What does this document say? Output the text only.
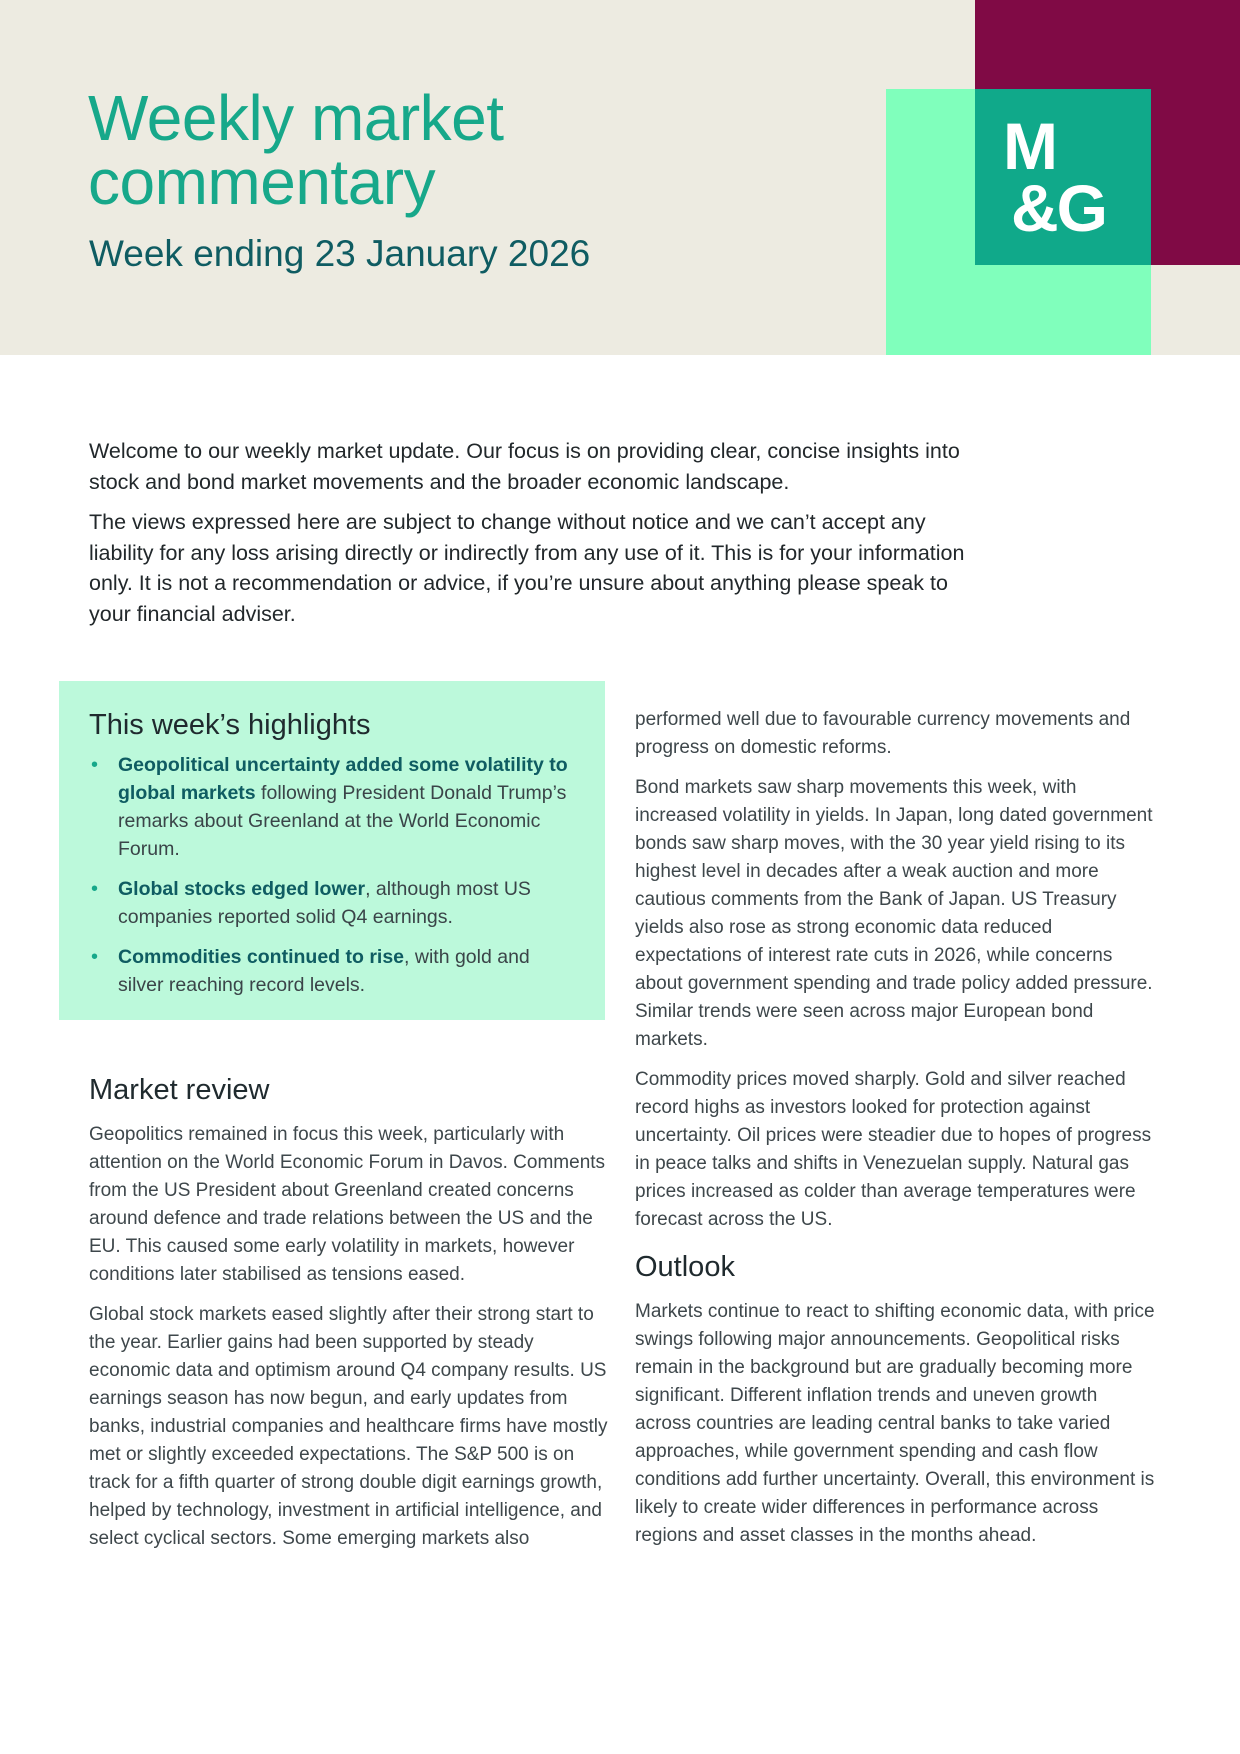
Weekly market
commentary
Week ending 23 January 2026
M
&G

Welcome to our weekly market update. Our focus is on providing clear, concise insights into stock and bond market movements and the broader economic landscape.

The views expressed here are subject to change without notice and we can’t accept any liability for any loss arising directly or indirectly from any use of it. This is for your information only. It is not a recommendation or advice, if you’re unsure about anything please speak to your financial adviser.

This week’s highlights
• Geopolitical uncertainty added some volatility to global markets following President Donald Trump’s remarks about Greenland at the World Economic Forum.
• Global stocks edged lower, although most US companies reported solid Q4 earnings.
• Commodities continued to rise, with gold and silver reaching record levels.
Market review

Geopolitics remained in focus this week, particularly with attention on the World Economic Forum in Davos. Comments from the US President about Greenland created concerns around defence and trade relations between the US and the EU. This caused some early volatility in markets, however conditions later stabilised as tensions eased.

Global stock markets eased slightly after their strong start to the year. Earlier gains had been supported by steady economic data and optimism around Q4 company results. US earnings season has now begun, and early updates from banks, industrial companies and healthcare firms have mostly met or slightly exceeded expectations. The S&P 500 is on track for a fifth quarter of strong double digit earnings growth, helped by technology, investment in artificial intelligence, and select cyclical sectors. Some emerging markets also

performed well due to favourable currency movements and progress on domestic reforms.

Bond markets saw sharp movements this week, with increased volatility in yields. In Japan, long dated government bonds saw sharp moves, with the 30 year yield rising to its highest level in decades after a weak auction and more cautious comments from the Bank of Japan. US Treasury yields also rose as strong economic data reduced expectations of interest rate cuts in 2026, while concerns about government spending and trade policy added pressure. Similar trends were seen across major European bond markets.

Commodity prices moved sharply. Gold and silver reached record highs as investors looked for protection against uncertainty. Oil prices were steadier due to hopes of progress in peace talks and shifts in Venezuelan supply. Natural gas prices increased as colder than average temperatures were forecast across the US.

Outlook

Markets continue to react to shifting economic data, with price swings following major announcements. Geopolitical risks remain in the background but are gradually becoming more significant. Different inflation trends and uneven growth across countries are leading central banks to take varied approaches, while government spending and cash flow conditions add further uncertainty. Overall, this environment is likely to create wider differences in performance across regions and asset classes in the months ahead.
